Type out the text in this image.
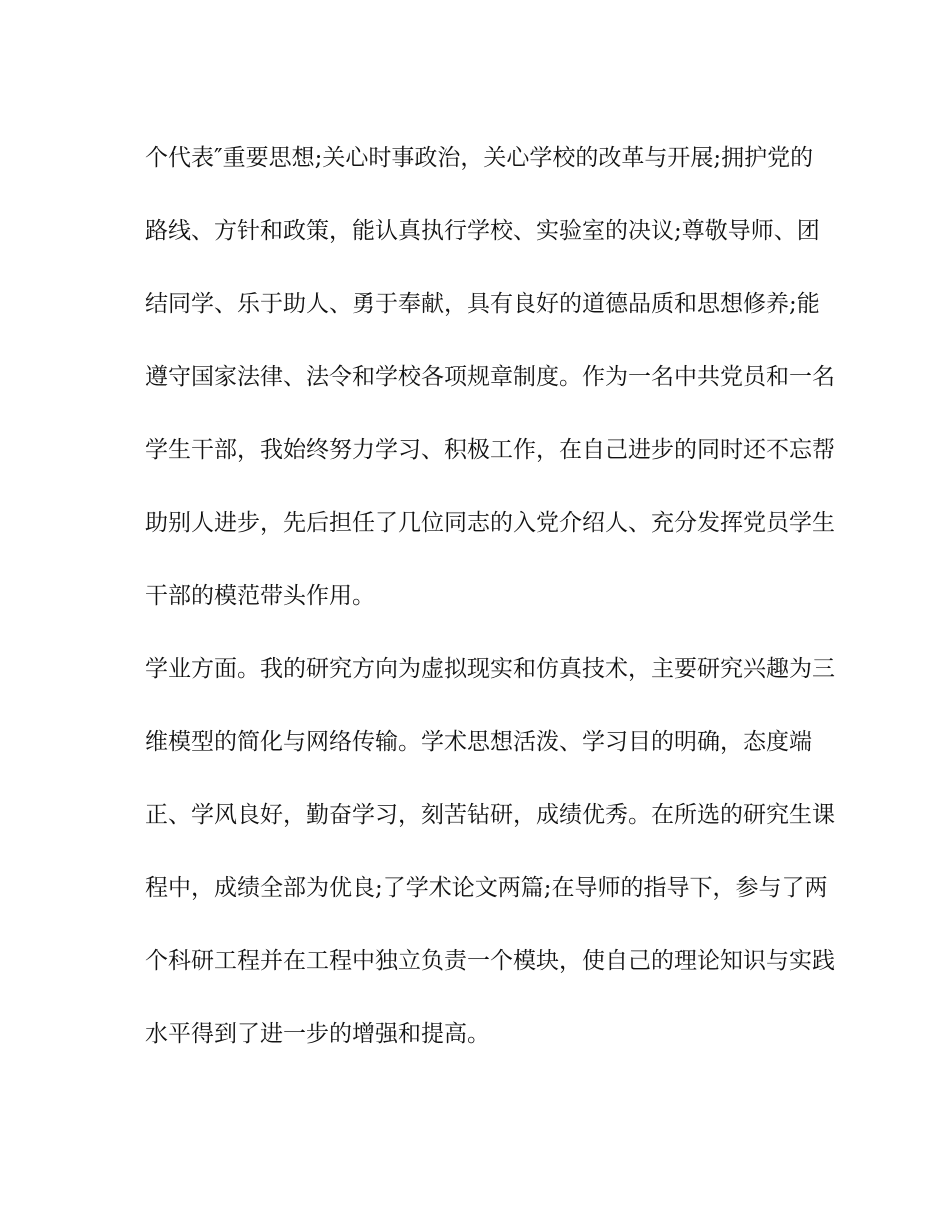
个代表″重要思想;关心时事政治，关心学校的改革与开展;拥护党的
路线、方针和政策，能认真执行学校、实验室的决议;尊敬导师、团
结同学、乐于助人、勇于奉献，具有良好的道德品质和思想修养;能
遵守国家法律、法令和学校各项规章制度。作为一名中共党员和一名
学生干部，我始终努力学习、积极工作，在自己进步的同时还不忘帮
助别人进步，先后担任了几位同志的入党介绍人、充分发挥党员学生
干部的模范带头作用。
学业方面。我的研究方向为虚拟现实和仿真技术，主要研究兴趣为三
维模型的简化与网络传输。学术思想活泼、学习目的明确，态度端
正、学风良好，勤奋学习，刻苦钻研，成绩优秀。在所选的研究生课
程中，成绩全部为优良;了学术论文两篇;在导师的指导下，参与了两
个科研工程并在工程中独立负责一个模块，使自己的理论知识与实践
水平得到了进一步的增强和提高。
